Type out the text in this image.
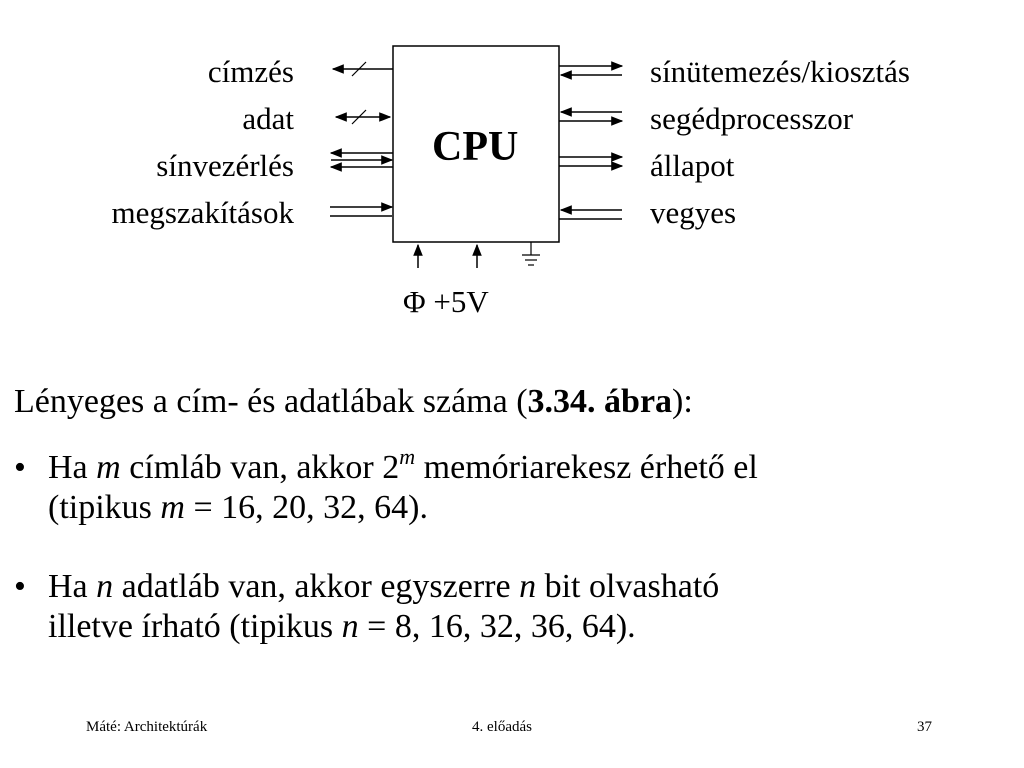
CPU
címzés
adat
sínvezérlés
megszakítások
sínütemezés/kiosztás
segédprocesszor
állapot
vegyes
Φ +5V
Lényeges a cím- és adatlábak száma (3.34. ábra):
• Ha m címláb van, akkor 2$^m$ memóriarekesz érhető el
(tipikus m = 16, 20, 32, 64).
• Ha n adatláb van, akkor egyszerre n bit olvasható
illetve írható (tipikus n = 8, 16, 32, 36, 64).
Máté: Architektúrák	4. előadás	37
